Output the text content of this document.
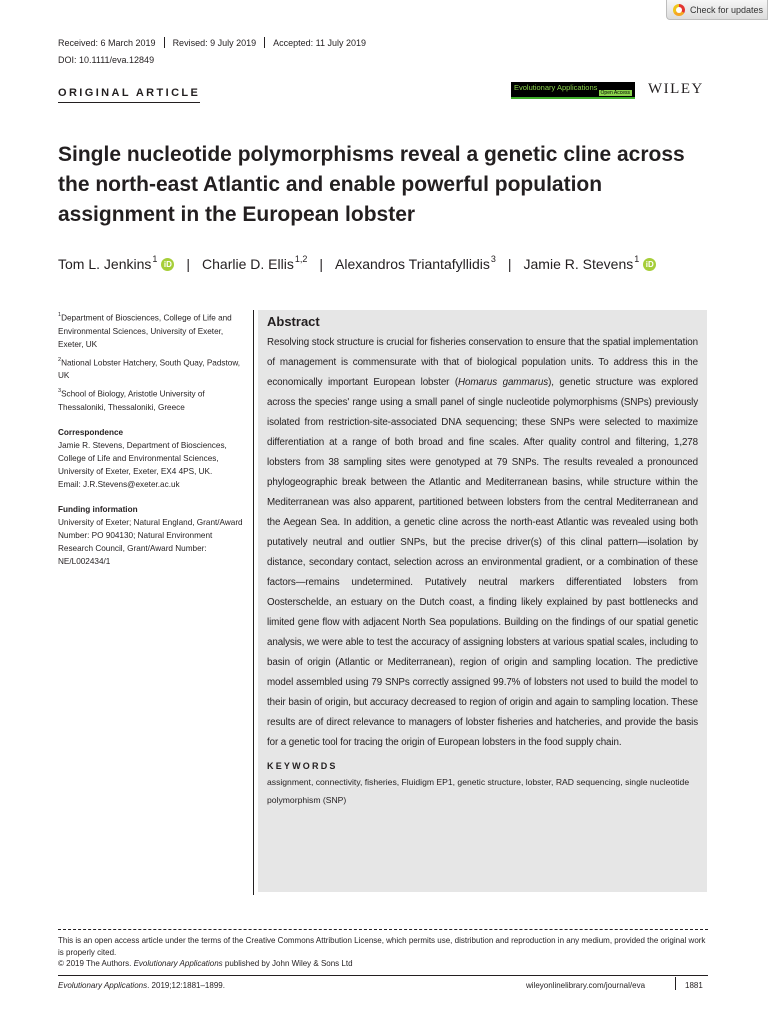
Check for updates
Received: 6 March 2019 Revised: 9 July 2019 Accepted: 11 July 2019
DOI: 10.1111/eva.12849
ORIGINAL ARTICLE	Evolutionary Applications
Open Access WILEY
Single nucleotide polymorphisms reveal a genetic cline across the north-east Atlantic and enable powerful population assignment in the European lobster
Tom L. Jenkins$^1$ iD | Charlie D. Ellis$^{1,2}$ | Alexandros Triantafyllidis$^3$ | Jamie R. Stevens$^1$ iD

$^1$Department of Biosciences, College of Life and Environmental Sciences, University of Exeter, Exeter, UK

$^2$National Lobster Hatchery, South Quay, Padstow, UK

$^3$School of Biology, Aristotle University of Thessaloniki, Thessaloniki, Greece

Correspondence

Jamie R. Stevens, Department of Biosciences, College of Life and Environmental Sciences, University of Exeter, Exeter, EX4 4PS, UK.

Email: J.R.Stevens@exeter.ac.uk

Funding information

University of Exeter; Natural England, Grant/Award Number: PO 904130; Natural Environment Research Council, Grant/Award Number: NE/L002434/1

Abstract

Resolving stock structure is crucial for fisheries conservation to ensure that the spatial implementation of management is commensurate with that of biological population units. To address this in the economically important European lobster (Homarus gammarus), genetic structure was explored across the species' range using a small panel of single nucleotide polymorphisms (SNPs) previously isolated from restriction-site-associated DNA sequencing; these SNPs were selected to maximize differentiation at a range of both broad and fine scales. After quality control and filtering, 1,278 lobsters from 38 sampling sites were genotyped at 79 SNPs. The results revealed a pronounced phylogeographic break between the Atlantic and Mediterranean basins, while structure within the Mediterranean was also apparent, partitioned between lobsters from the central Mediterranean and the Aegean Sea. In addition, a genetic cline across the north-east Atlantic was revealed using both putatively neutral and outlier SNPs, but the precise driver(s) of this clinal pattern—isolation by distance, secondary contact, selection across an environmental gradient, or a combination of these factors—remains undetermined. Putatively neutral markers differentiated lobsters from Oosterschelde, an estuary on the Dutch coast, a finding likely explained by past bottlenecks and limited gene flow with adjacent North Sea populations. Building on the findings of our spatial genetic analysis, we were able to test the accuracy of assigning lobsters at various spatial scales, including to basin of origin (Atlantic or Mediterranean), region of origin and sampling location. The predictive model assembled using 79 SNPs correctly assigned 99.7% of lobsters not used to build the model to their basin of origin, but accuracy decreased to region of origin and again to sampling location. These results are of direct relevance to managers of lobster fisheries and hatcheries, and provide the basis for a genetic tool for tracing the origin of European lobsters in the food supply chain.

KEYWORDS

assignment, connectivity, fisheries, Fluidigm EP1, genetic structure, lobster, RAD sequencing, single nucleotide polymorphism (SNP)

This is an open access article under the terms of the Creative Commons Attribution License, which permits use, distribution and reproduction in any medium, provided the original work is properly cited.

© 2019 The Authors. Evolutionary Applications published by John Wiley & Sons Ltd

Evolutionary Applications. 2019;12:1881–1899.	wileyonlinelibrary.com/journal/eva	1881
